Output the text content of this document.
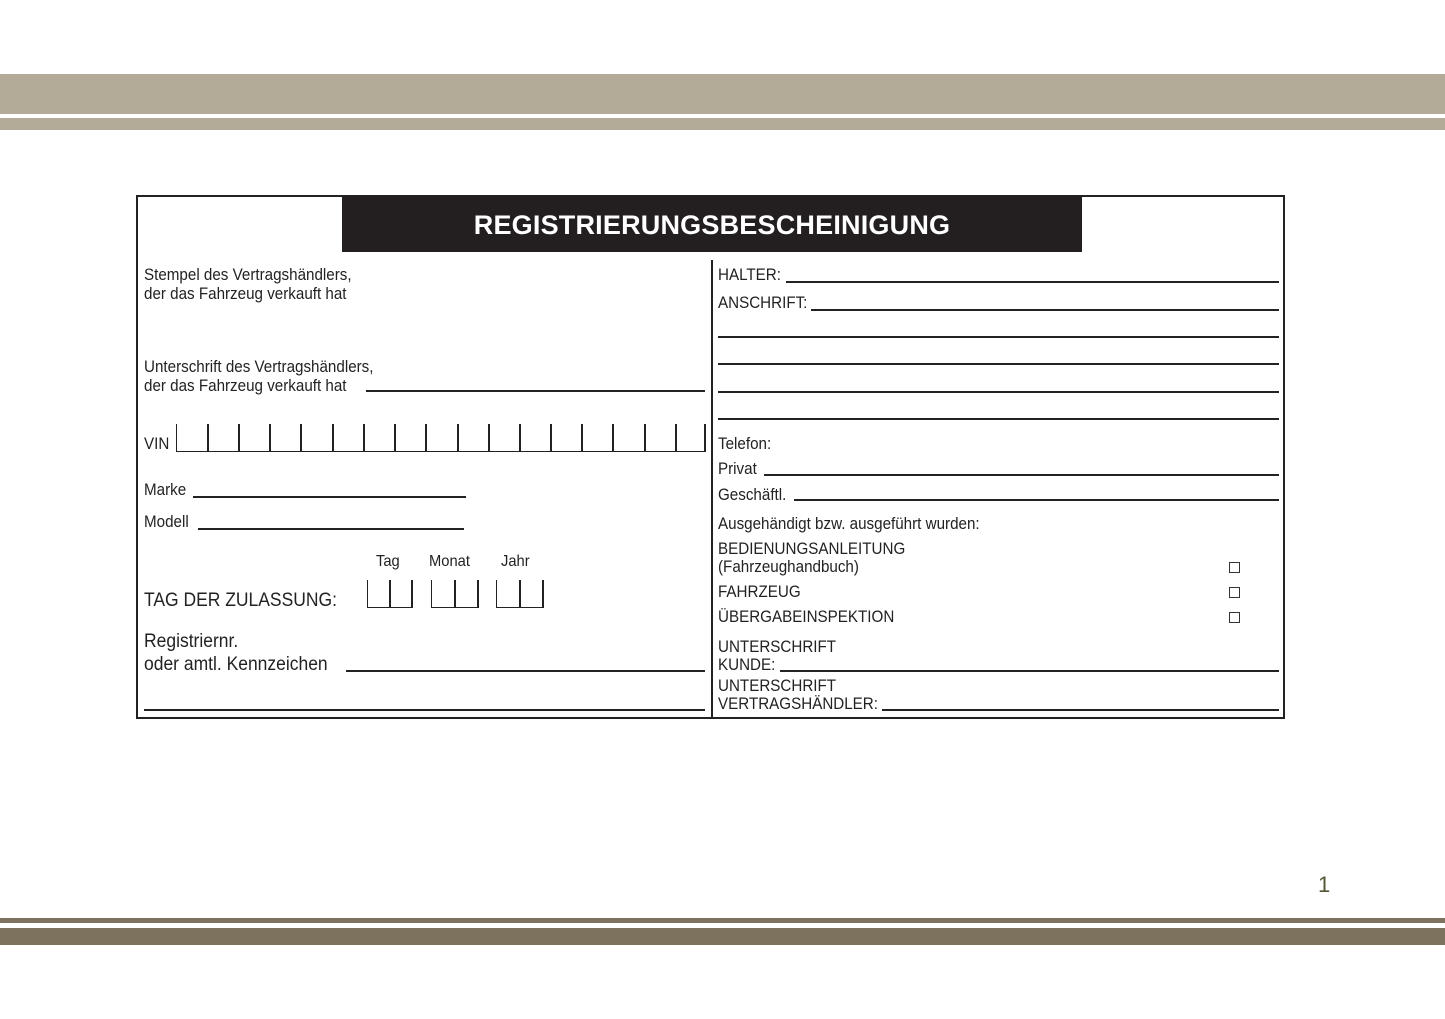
REGISTRIERUNGSBESCHEINIGUNG
Stempel des Vertragshändlers,
der das Fahrzeug verkauft hat
Unterschrift des Vertragshändlers,
der das Fahrzeug verkauft hat
VIN
Marke
Modell
Tag Monat Jahr
TAG DER ZULASSUNG:
Registriernr.
oder amtl. Kennzeichen
HALTER:
ANSCHRIFT:
Telefon:
Privat
Geschäftl.
Ausgehändigt bzw. ausgeführt wurden:
BEDIENUNGSANLEITUNG
(Fahrzeughandbuch)
FAHRZEUG
ÜBERGABEINSPEKTION
UNTERSCHRIFT
KUNDE:
UNTERSCHRIFT
VERTRAGSHÄNDLER:
1
